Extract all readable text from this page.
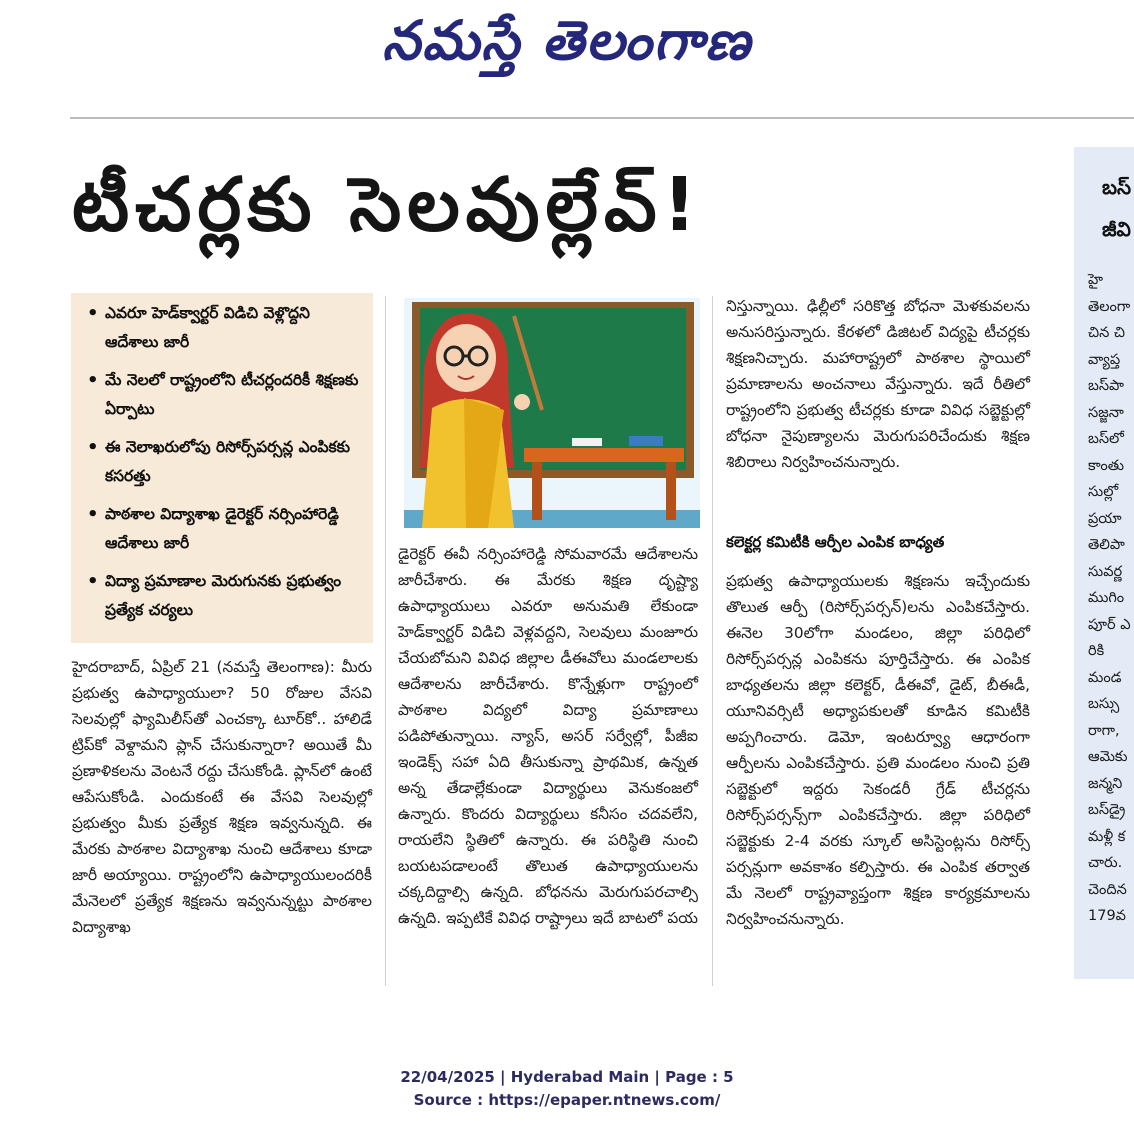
నమస్తే తెలంగాణ
టీచర్లకు సెలవుల్లేవ్!
• ఎవరూ హెడ్‌క్వార్టర్ విడిచి వెళ్లొద్దని ఆదేశాలు జారీ
• మే నెలలో రాష్ట్రంలోని టీచర్లందరికీ శిక్షణకు ఏర్పాటు
• ఈ నెలాఖరులోపు రిసోర్స్‌పర్సన్ల ఎంపికకు కసరత్తు
• పాఠశాల విద్యాశాఖ డైరెక్టర్ నర్సింహారెడ్డి ఆదేశాలు జారీ
• విద్యా ప్రమాణాల మెరుగునకు ప్రభుత్వం ప్రత్యేక చర్యలు

హైదరాబాద్, ఏప్రిల్ 21 (నమస్తే తెలంగాణ): మీరు ప్రభుత్వ ఉపాధ్యాయులా? 50 రోజుల వేసవి సెలవుల్లో ఫ్యామిలీస్‌తో ఎంచక్కా టూర్‌కో.. హాలిడే ట్రిప్‌కో వెళ్దామని ప్లాన్ చేసుకున్నారా? అయితే మీ ప్రణాళికలను వెంటనే రద్దు చేసుకోండి. ప్లాన్‌లో ఉంటే ఆపేసుకోండి. ఎందుకంటే ఈ వేసవి సెలవుల్లో ప్రభుత్వం మీకు ప్రత్యేక శిక్షణ ఇవ్వనున్నది. ఈ మేరకు పాఠశాల విద్యాశాఖ నుంచి ఆదేశాలు కూడా జారీ అయ్యాయి. రాష్ట్రంలోని ఉపాధ్యాయులందరికీ మేనెలలో ప్రత్యేక శిక్షణను ఇవ్వనున్నట్టు పాఠశాల విద్యాశాఖ

డైరెక్టర్ ఈవీ నర్సింహారెడ్డి సోమవారమే ఆదేశాలను జారీచేశారు. ఈ మేరకు శిక్షణ దృష్ట్యా ఉపాధ్యాయులు ఎవరూ అనుమతి లేకుండా హెడ్‌క్వార్టర్ విడిచి వెళ్లవద్దని, సెలవులు మంజూరు చేయబోమని వివిధ జిల్లాల డీఈవోలు మండలాలకు ఆదేశాలను జారీచేశారు. కొన్నేళ్లుగా రాష్ట్రంలో పాఠశాల విద్యలో విద్యా ప్రమాణాలు పడిపోతున్నాయి. న్యాస్, అసర్ సర్వేల్లో, పీజీఐ ఇండెక్స్ సహా ఏది తీసుకున్నా ప్రాథమిక, ఉన్నత అన్న తేడాల్లేకుండా విద్యార్థులు వెనుకంజలో ఉన్నారు. కొందరు విద్యార్థులు కనీసం చదవలేని, రాయలేని స్థితిలో ఉన్నారు. ఈ పరిస్థితి నుంచి బయటపడాలంటే తొలుత ఉపాధ్యాయులను చక్కదిద్దాల్సి ఉన్నది. బోధనను మెరుగుపరచాల్సి ఉన్నది. ఇప్పటికే వివిధ రాష్ట్రాలు ఇదే బాటలో పయ

నిస్తున్నాయి. ఢిల్లీలో సరికొత్త బోధనా మెళకువలను అనుసరిస్తున్నారు. కేరళలో డిజిటల్ విద్యపై టీచర్లకు శిక్షణనిచ్చారు. మహారాష్ట్రలో పాఠశాల స్థాయిలో ప్రమాణాలను అంచనాలు వేస్తున్నారు. ఇదే రీతిలో రాష్ట్రంలోని ప్రభుత్వ టీచర్లకు కూడా వివిధ సబ్జెక్టుల్లో బోధనా నైపుణ్యాలను మెరుగుపరిచేందుకు శిక్షణ శిబిరాలు నిర్వహించనున్నారు.

కలెక్టర్ల కమిటీకి ఆర్పీల ఎంపిక బాధ్యత

ప్రభుత్వ ఉపాధ్యాయులకు శిక్షణను ఇచ్చేందుకు తొలుత ఆర్పీ (రిసోర్స్‌పర్సన్)లను ఎంపికచేస్తారు. ఈనెల 30లోగా మండలం, జిల్లా పరిధిలో రిసోర్స్‌పర్సన్ల ఎంపికను పూర్తిచేస్తారు. ఈ ఎంపిక బాధ్యతలను జిల్లా కలెక్టర్, డీఈవో, డైట్, బీఈడీ, యూనివర్సిటీ అధ్యాపకులతో కూడిన కమిటీకి అప్పగించారు. డెమో, ఇంటర్వ్యూ ఆధారంగా ఆర్పీలను ఎంపికచేస్తారు. ప్రతి మండలం నుంచి ప్రతి సబ్జెక్టులో ఇద్దరు సెకండరీ గ్రేడ్ టీచర్లను రిసోర్స్‌పర్సన్స్‌గా ఎంపికచేస్తారు. జిల్లా పరిధిలో సబ్జెక్టుకు 2-4 వరకు స్కూల్ అసిస్టెంట్లను రిసోర్స్ పర్సన్లుగా అవకాశం కల్పిస్తారు. ఈ ఎంపిక తర్వాత మే నెలలో రాష్ట్రవ్యాప్తంగా శిక్షణ కార్యక్రమాలను నిర్వహించనున్నారు.

బస్
జీవి
హై
తెలంగా
చిన చి
వ్యాప్త
బస్‌పా
సజ్జనా
బస్‌లో
కాంతు
సుల్లో
ప్రయా
తెలిపా
సువర్ణ
ముగిం
పూర్ ఎ
రికి
మండ
బస్సు
రాగా,
ఆమెకు
జన్మని
బస్‌డ్రై
మళ్లీ క
చారు.
చెందిన
179వ
22/04/2025 | Hyderabad Main | Page : 5
Source : https://epaper.ntnews.com/
